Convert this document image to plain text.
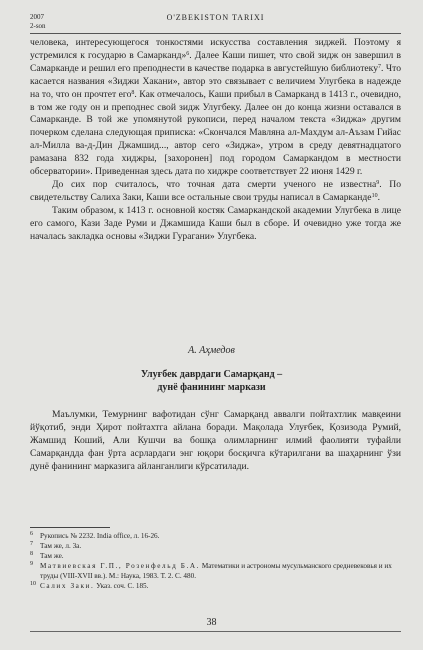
2007
2-son
O'ZBEKISTON TARIXI

человека, интересующегося тонкостями искусства составления зиджей. Поэтому я устремился к государю в Самарканд»$^6$. Далее Каши пишет, что свой зидж он завершил в Самарканде и решил его преподнести в качестве подарка в августейшую библиотеку$^7$. Что касается названия «Зиджи Хакани», автор это связывает с величием Улугбека в надежде на то, что он прочтет его$^8$. Как отмечалось, Каши прибыл в Самарканд в 1413 г., очевидно, в том же году он и преподнес свой зидж Улугбеку. Далее он до конца жизни оставался в Самарканде. В той же упомянутой рукописи, перед началом текста «Зиджа» другим почерком сделана следующая приписка: «Скончался Мавляна ал-Махдум ал-Аъзам Гийас ал-Милла ва-д-Дин Джамшид..., автор сего «Зиджа», утром в среду девятнадцатого рамазана 832 года хиджры, [захоронен] под городом Самаркандом в местности обсерватории». Приведенная здесь дата по хиджре соответствует 22 июня 1429 г.

До сих пор считалось, что точная дата смерти ученого не известна$^9$. По свидетельству Салиха Заки, Каши все остальные свои труды написал в Самарканде$^{10}$.

Таким образом, к 1413 г. основной костяк Самаркандской академии Улугбека в лице его самого, Кази Заде Руми и Джамшида Каши был в сборе. И очевидно уже тогда же началась закладка основы «Зиджи Гурагани» Улугбека.

А. Аҳмедов
Улуғбек даврдаги Самарқанд –
дунё фанининг маркази

Маълумки, Темурнинг вафотидан сўнг Самарқанд аввалги пойтахтлик мавқеини йўқотиб, энди Ҳирот пойтахтга айлана боради. Мақолада Улуғбек, Қозизода Румий, Жамшид Коший, Али Кушчи ва бошқа олимларнинг илмий фаолияти туфайли Самарқандда фан ўрта асрлардаги энг юқори босқичга кўтарилгани ва шаҳарнинг ўзи дунё фанининг марказига айланганлиги кўрсатилади.

$^6$ Рукопись № 2232. India office, л. 16-26.

$^7$ Там же, л. 3а.

$^8$ Там же.

$^9$ Матвиевская Г.П., Розенфельд Б.А. Математики и астрономы мусульманского средневековья и их труды (VIII-XVII вв.). М.: Наука, 1983. Т. 2. С. 480.

$^{10}$ Салих Заки. Указ. соч. С. 185.

38
